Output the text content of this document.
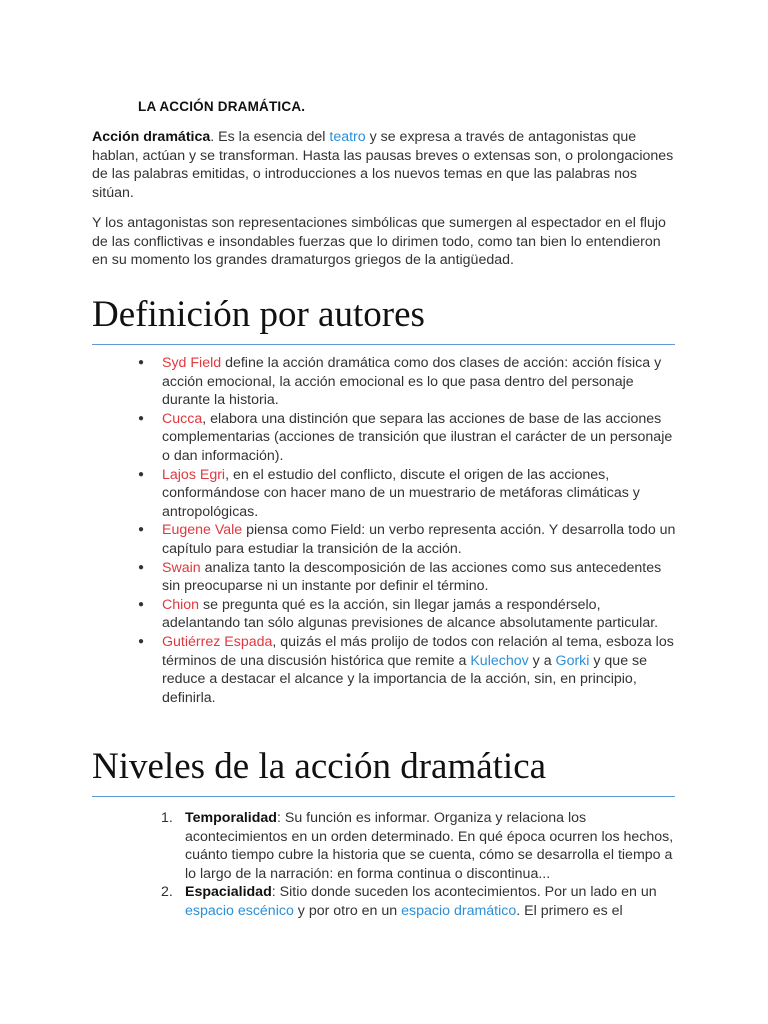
LA ACCIÓN DRAMÁTICA.

Acción dramática. Es la esencia del teatro y se expresa a través de antagonistas que hablan, actúan y se transforman. Hasta las pausas breves o extensas son, o prolongaciones de las palabras emitidas, o introducciones a los nuevos temas en que las palabras nos sitúan.

Y los antagonistas son representaciones simbólicas que sumergen al espectador en el flujo de las conflictivas e insondables fuerzas que lo dirimen todo, como tan bien lo entendieron en su momento los grandes dramaturgos griegos de la antigüedad.

Definición por autores
● Syd Field define la acción dramática como dos clases de acción: acción física y acción emocional, la acción emocional es lo que pasa dentro del personaje durante la historia.
● Cucca, elabora una distinción que separa las acciones de base de las acciones complementarias (acciones de transición que ilustran el carácter de un personaje o dan información).
● Lajos Egri, en el estudio del conflicto, discute el origen de las acciones, conformándose con hacer mano de un muestrario de metáforas climáticas y antropológicas.
● Eugene Vale piensa como Field: un verbo representa acción. Y desarrolla todo un capítulo para estudiar la transición de la acción.
● Swain analiza tanto la descomposición de las acciones como sus antecedentes sin preocuparse ni un instante por definir el término.
● Chion se pregunta qué es la acción, sin llegar jamás a respondérselo, adelantando tan sólo algunas previsiones de alcance absolutamente particular.
● Gutiérrez Espada, quizás el más prolijo de todos con relación al tema, esboza los términos de una discusión histórica que remite a Kulechov y a Gorki y que se reduce a destacar el alcance y la importancia de la acción, sin, en principio, definirla.
Niveles de la acción dramática
1. Temporalidad: Su función es informar. Organiza y relaciona los acontecimientos en un orden determinado. En qué época ocurren los hechos, cuánto tiempo cubre la historia que se cuenta, cómo se desarrolla el tiempo a lo largo de la narración: en forma continua o discontinua...
2. Espacialidad: Sitio donde suceden los acontecimientos. Por un lado en un espacio escénico y por otro en un espacio dramático. El primero es el
